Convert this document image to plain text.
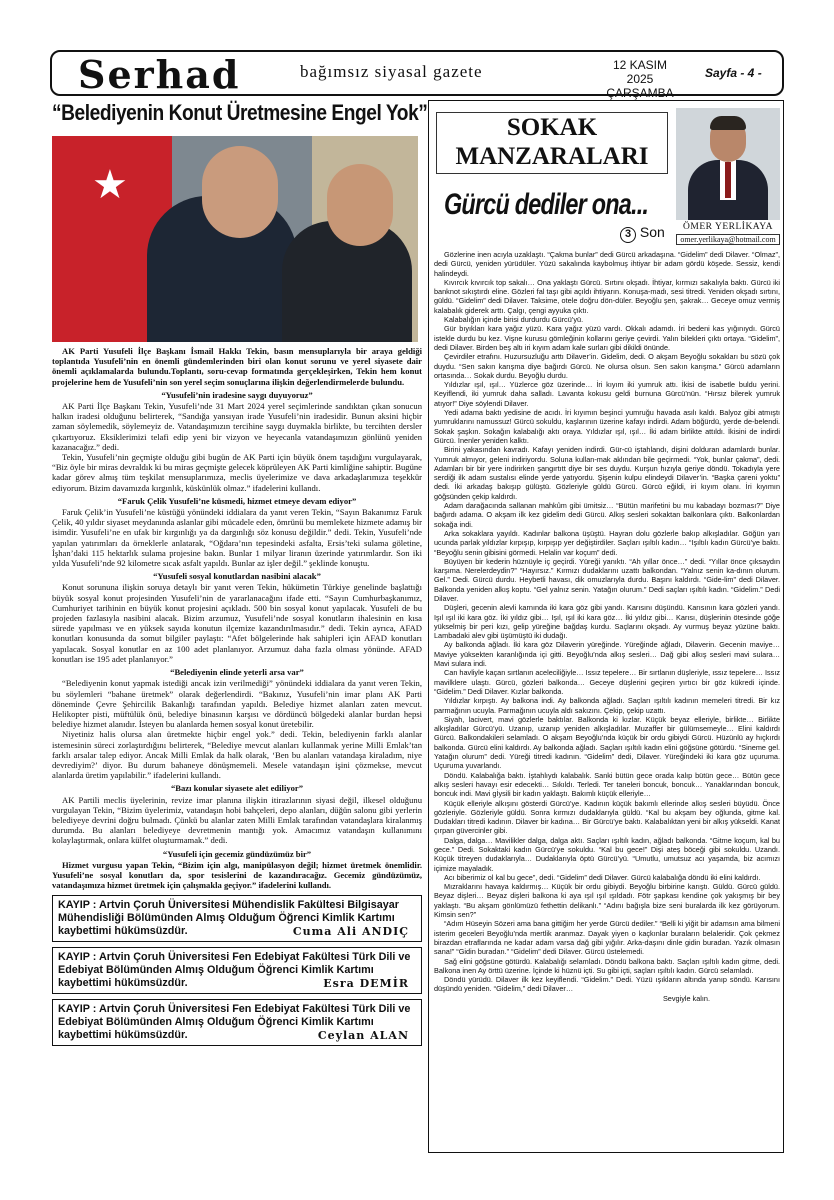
Serhad	bağımsız siyasal gazete	12 KASIM 2025
ÇARŞAMBA
Sayfa - 4 -
“Belediyenin Konut Üretmesine Engel Yok”
★

AK Parti Yusufeli İlçe Başkanı İsmail Hakkı Tekin, basın mensuplarıyla bir araya geldiği toplantıda Yusufeli’nin en önemli gündemlerinden biri olan konut sorunu ve yerel siyasete dair önemli açıklamalarda bulundu.Toplantı, soru-cevap formatında gerçekleşirken, Tekin hem konut projelerine hem de Yusufeli’nin son yerel seçim sonuçlarına ilişkin değerlendirmelerde bulundu.

“Yusufeli’nin iradesine saygı duyuyoruz”

AK Parti İlçe Başkanı Tekin, Yusufeli’nde 31 Mart 2024 yerel seçimlerinde sandıktan çıkan sonucun halkın iradesi olduğunu belirterek, “Sandığa yansıyan irade Yusufeli’nin iradesidir. Bunun aksini hiçbir zaman söylemedik, söylemeyiz de. Vatandaşımızın tercihine saygı duymakla birlikte, bu tercihten dersler çıkartıyoruz. Eksiklerimizi telafi edip yeni bir vizyon ve heyecanla vatandaşımızın gönlünü yeniden kazanacağız.” dedi.

Tekin, Yusufeli’nin geçmişte olduğu gibi bugün de AK Parti için büyük önem taşıdığını vurgulayarak, “Biz öyle bir miras devraldık ki bu miras geçmişte gelecek köprüleyen AK Parti kimliğine sahiptir. Bugüne kadar görev almış tüm teşkilat mensuplarımıza, meclis üyelerimize ve dava arkadaşlarımıza teşekkür ediyorum. Bizim davamızda kırgınlık, küskünlük olmaz.” ifadelerini kullandı.

“Faruk Çelik Yusufeli’ne küsmedi, hizmet etmeye devam ediyor”

Faruk Çelik’in Yusufeli’ne küstüğü yönündeki iddialara da yanıt veren Tekin, “Sayın Bakanımız Faruk Çelik, 40 yıldır siyaset meydanında aslanlar gibi mücadele eden, ömrünü bu memlekete hizmete adamış bir isimdir. Yusufeli’ne en ufak bir kırgınlığı ya da dargınlığı söz konusu değildir.” dedi. Tekin, Yusufeli’nde yapılan yatırımları da örneklerle anlatarak, “Oğdara’nın tepesindeki asfalta, Ersis’teki sulama göletine, İşhan’daki 115 hektarlık sulama projesine bakın. Bunlar 1 milyar liranın üzerinde yatırımlardır. Son iki yılda Yusufeli’nde 92 kilometre sıcak asfalt yapıldı. Bunlar az işler değil.” şeklinde konuştu.

“Yusufeli sosyal konutlardan nasibini alacak”

Konut sorununa ilişkin soruya detaylı bir yanıt veren Tekin, hükümetin Türkiye genelinde başlattığı büyük sosyal konut projesinden Yusufeli’nin de yararlanacağını ifade etti. “Sayın Cumhurbaşkanımız, Cumhuriyet tarihinin en büyük konut projesini açıkladı. 500 bin sosyal konut yapılacak. Yusufeli de bu projeden fazlasıyla nasibini alacak. Bizim arzumuz, Yusufeli’nde sosyal konutların ihalesinin en kısa sürede yapılması ve en yüksek sayıda konutun ilçemize kazandırılmasıdır.” dedi. Tekin ayrıca, AFAD konutları konusunda da somut bilgiler paylaştı: “Afet bölgelerinde hak sahipleri için AFAD konutları yapılacak. Sosyal konutlar en az 100 adet planlanıyor. Arzumuz daha fazla olması yönünde. AFAD konutları ise 195 adet planlanıyor.”

“Belediyenin elinde yeterli arsa var”

“Belediyenin konut yapmak istediği ancak izin verilmediği” yönündeki iddialara da yanıt veren Tekin, bu söylemleri “bahane üretmek” olarak değerlendirdi. “Bakınız, Yusufeli’nin imar planı AK Parti döneminde Çevre Şehircilik Bakanlığı tarafından yapıldı. Belediye hizmet alanları zaten mevcut. Helikopter pisti, müftülük önü, belediye binasının karşısı ve dördüncü bölgedeki alanlar burdan hepsi belediye hizmet alanıdır. İsteyen bu alanlarda hemen sosyal konut üretebilir.

Niyetiniz halis olursa alan üretmekte hiçbir engel yok.” dedi. Tekin, belediyenin farklı alanlar istemesinin süreci zorlaştırdığını belirterek, “Belediye mevcut alanları kullanmak yerine Milli Emlak’tan farklı arsalar talep ediyor. Ancak Milli Emlak da halk olarak, ‘Ben bu alanları vatandaşa kiraladım, niye devrediyim?’ diyor. Bu durum bahaneye dönüşmemeli. Mesele vatandaşın işini çözmekse, mevcut alanlarda üretim yapılabilir.” ifadelerini kullandı.

“Bazı konular siyasete alet ediliyor”

AK Partili meclis üyelerinin, revize imar planına ilişkin itirazlarının siyasi değil, ilkesel olduğunu vurgulayan Tekin, “Bizim üyelerimiz, vatandaşın hobi bahçeleri, depo alanları, düğün salonu gibi yerlerin belediyeye devrini doğru bulmadı. Çünkü bu alanlar zaten Milli Emlak tarafından vatandaşlara kiralanmış durumda. Bu alanları belediyeye devretmenin mantığı yok. Amacımız vatandaşın kullanımını kolaylaştırmak, onlara külfet oluşturmamak.” dedi.

“Yusufeli için gecemiz gündüzümüz bir”

Hizmet vurgusu yapan Tekin, “Bizim için algı, manipülasyon değil; hizmet üretmek önemlidir. Yusufeli’ne sosyal konutları da, spor tesislerini de kazandıracağız. Gecemiz gündüzümüz, vatandaşımıza hizmet üretmek için çalışmakla geçiyor.” ifadelerini kullandı.

KAYIP : Artvin Çoruh Üniversitesi Mühendislik Fakültesi Bilgisayar Mühendisliği Bölümünden Almış Olduğum Öğrenci Kimlik Kartımı kaybettimi hükümsüzdür.	Cuma Ali ANDIÇ
KAYIP : Artvin Çoruh Üniversitesi Fen Edebiyat Fakültesi Türk Dili ve Edebiyat Bölümünden Almış Olduğum Öğrenci Kimlik Kartımı kaybettimi hükümsüzdür.	Esra DEMİR
KAYIP : Artvin Çoruh Üniversitesi Fen Edebiyat Fakültesi Türk Dili ve Edebiyat Bölümünden Almış Olduğum Öğrenci Kimlik Kartımı kaybettimi hükümsüzdür.	Ceylan ALAN
SOKAK
MANZARALARI
Gürcü dediler ona...
3 Son	ÖMER YERLİKAYA
omer.yerlikaya@hotmail.com

Gözlerine inen acıyla uzaklaştı. “Çakma bunlar” dedi Gürcü arkadaşına. “Gidelim” dedi Dilaver. “Olmaz”, dedi Gürcü, yeniden yürüdüler. Yüzü sakalında kaybolmuş ihtiyar bir adam gördü köşede. Sessiz, kendi halindeydi.

Kıvırcık kıvırcık top sakalı… Ona yaklaştı Gürcü. Sırtını okşadı. İhtiyar, kırmızı sakalıyla baktı. Gürcü iki banknot sıkıştırdı eline. Gözleri fal taşı gibi açıldı ihtiyarın. Konuşa-madı, sesi titredi. Yeniden okşadı sırtını, güldü. “Gidelim” dedi Dilaver. Taksime, otele doğru dön-düler. Beyoğlu şen, şakrak… Geceye omuz vermiş kalabalık giderek arttı. Çalgı, çengi ayyuka çıktı.

Kalabalığın içinde birisi durdurdu Gürcü’yü.

Gür bıyıkları kara yağız yüzü. Kara yağız yüzü vardı. Okkalı adamdı. İri bedeni kas yığınıydı. Gürcü istekle durdu bu kez. Vişne kurusu gömleğinin kollarını geriye çevirdi. Yalın bilekleri çıktı ortaya. “Gidelim”, dedi Dilaver. Birden beş altı iri kıyım adam kale surları gibi dikildi önünde.

Çevirdiler etrafını. Huzursuzluğu arttı Dilaver’in. Gidelim, dedi. O akşam Beyoğlu sokakları bu sözü çok duydu. “Sen sakın karışma diye bağırdı Gürcü. Ne olursa olsun. Sen sakın karışma.” Gürcü adamların ortasında… Sokak durdu. Beyoğlu durdu.

Yıldızlar ışıl, ışıl… Yüzlerce göz üzerinde… İri kıyım iki yumruk attı. İkisi de isabetle buldu yerini. Keyiflendi, iki yumruk daha salladı. Lavanta kokusu geldi burnuna Gürcü’nün. “Hırsız bilerek yumruk atıyor!” Diye söylendi Dilaver.

Yedi adama baktı yedisine de acıdı. İri kıyımın beşinci yumruğu havada asılı kaldı. Balyoz gibi atmıştı yumruklarını namussuz! Gürcü sokuldu, kaşlarının üzerine kafayı indirdi. Adam böğürdü, yerde de-belendi. Sokak şaşkın. Sokağın kalabalığı aktı oraya. Yıldızlar ışıl, ışıl… İki adam birlikte attıldı. İkisini de indirdi Gürcü. İnenler yeniden kalktı.

Birini yakasından kavradı. Kafayı yeniden indirdi. Gür-cü iştahlandı, dişini dolduran adamlardı bunlar. Yumruk almıyor, geleni indiriyordu. Soluna kullan-mak aklından bile geçirmedi. “Yok, bunlar çakma”, dedi. Adamları bir bir yere indirirken şangırtıtt diye bir ses duydu. Kurşun hızıyla geriye döndü. Tokadıyla yere serdiği ilk adam sustalısı elinde yerde yatıyordu. Şişenin kulpu elindeydi Dilaver’in. “Başka çareni yoktu” dedi. İki arkadaş bakışıp gülüştü. Gözleriyle güldü Gürcü. Gürcü eğildi, iri kıyım olanı. İri kıyımın göğsünden çekip kaldırdı.

Adam darağacında sallanan mahkûm gibi ümitsiz… “Bütün marifetini bu mu kabadayı bozması?” Diye bağırdı adama. O akşam ilk kez gidelim dedi Gürcü. Alkış sesleri sokaktan balkonlara çıktı. Balkonlardan sokağa indi.

Arka sokaklara yayıldı. Kadınlar balkona üşüştü. Hayran dolu gözlerle bakıp alkışladılar. Göğün yarı ucunda parlak yıldızlar kırpışıp, kırpışıp yer değiştirdiler. Saçları ışıltılı kadın… “Işıltılı kadın Gürcü’ye baktı. “Beyoğlu senin gibisini görmedi. Helalin var koçum” dedi.

Büyüyen bir kederin hüznüyle iç geçirdi. Yüreği yanıktı. “Ah yıllar önce…” dedi. “Yıllar önce çıksaydın karşıma. Nerelerdeydin?” “Hayırsız.” Kırmızı dudaklarını uzattı balkondan. “Yalnız senin ka-dının olurum. Gel.” Dedi. Gürcü durdu. Heybetli havası, dik omuzlarıyla durdu. Başını kaldırdı. “Gide-lim” dedi Dilaver. Balkonda yeniden alkış koptu. “Gel yalnız senin. Yatağın olurum.” Dedi saçları ışıltılı kadın. “Gidelim.” Dedi Dilaver.

Düşleri, gecenin alevli karnında iki kara göz gibi yandı. Karısını düşündü. Karısının kara gözleri yandı. Işıl ışıl iki kara göz. İki yıldız gibi… Işıl, ışıl iki kara göz… İki yıldız gibi… Karısı, düşlerinin ötesinde göğe yükselmiş bir peri kızı, gelip yüreğine bağdaş kurdu. Saçlarını okşadı. Ay vurmuş beyaz yüzüne baktı. Lambadaki alev gibi üşümüştü iki dudağı.

Ay balkonda ağladı. İki kara göz Dilaverin yüreğinde. Yüreğinde ağladı, Dilaverin. Gecenin maviye… Maviye yüksekten karanlığında içi gitti. Beyoğlu’nda alkış sesleri… Dağ gibi alkış sesleri mavi sulara… Mavi sulara indi.

Can havliyle kaçan sırtlanın aceleciliğiyle… Issız tepelere… Bir sırtlanın düşleriyle, ıssız tepelere… Issız mavilklere ulaştı. Gürcü, gözleri balkonda… Geceye düşlerini geçiren yırtıcı bir göz kükredi içinde. “Gidelim.” Dedi Dilaver. Kızlar balkonda.

Yıldızlar kırpıştı. Ay balkona indi. Ay balkonda ağladı. Saçları ışıltılı kadının memeleri titredi. Bir kız parmağının ucuyla. Parmağının ucuyla aldı sakızını. Çekip, çekip uzattı.

Siyah, lacivert, mavi gözlerle baktılar. Balkonda ki kızlar. Küçük beyaz elleriyle, birlikte… Birlikte alkışladılar Gürcü’yü. Uzanıp, uzanıp yeniden alkışladılar. Muzaffer bir gülümsemeyle… Elini kaldırdı Gürcü. Balkondakileri selamladı. O akşam Beyoğlu’nda küçük bir ordu gibiydi Gürcü. Hüzünlü ay hıçkırdı balkonda. Gürcü elini kaldırdı. Ay balkonda ağladı. Saçları ışıltılı kadın elini göğsüne götürdü. “Sineme gel. Yatağın olurum” dedi. Yüreği titredi kadının. “Gidelim” dedi, Dilaver. Yüreğindeki iki kara göz uçuruma. Uçuruma yuvarlandı.

Döndü. Kalabalığa baktı. İştahlıydı kalabalık. Sanki bütün gece orada kalıp bütün gece… Bütün gece alkış sesleri havayı esir edecekti… Sıkıldı. Terledi. Ter taneleri boncuk, boncuk… Yanaklarından boncuk, boncuk indi. Mavi gİysili bir kadın yaklaştı. Bakımlı küçük elleriyle…

Küçük elleriyle alkışını gösterdi Gürcü’ye. Kadının küçük bakımlı ellerinde alkış sesleri büyüdü. Önce gözleriyle. Gözleriyle güldü. Sonra kırmızı dudaklarıyla güldü. “Kal bu akşam bey oğlunda, gitme kal. Dudakları titredi kadının. Dilaver bir kadına… Bir Gürcü’ye baktı. Kalabalıktan yeni bir alkış yükseldi. Kanat çırpan güvercinler gibi.

Dalga, dalga… Mavilikler dalga, dalga aktı. Saçları ışıltılı kadın, ağladı balkonda. “Gitme koçum, kal bu gece.” Dedi. Sokaktaki kadın Gürcü’ye sokuldu. “Kal bu gece!” Dişi ateş böceği gibi sokuldu. Uzandı. Küçük titreyen dudaklarıyla… Dudaklarıyla öptü Gürcü’yü. “Umutlu, umutsuz acı yaşamda, biz acımızı içimize mayaladık.

Acı biberimiz ol kal bu gece”, dedi. “Gidelim” dedi Dilaver. Gürcü kalabalığa döndü iki elini kaldırdı.

Mızraklarını havaya kaldırmış… Küçük bir ordu gibiydi. Beyoğlu birbirine karıştı. Güldü. Gürcü güldü. Beyaz dişleri… Beyaz dişleri balkona ki aya ışıl ışıl ışıldadı. Fötr şapkası kendine çok yakışmış bir bey yaklaştı. “Bu akşam gönlümüzü fethettin delikanlı.” “Adını bağışla bize seni buralarda ilk kez görüyorum. Kimsin sen?”

“Adım Hüseyin Sözeri ama bana gittiğim her yerde Gürcü dediler.” “Belli ki yiğit bir adamsın ama bilmeni isterim geceleri Beyoğlu’nda mertlik aranmaz. Dayak yiyen o kaçkınlar buraların belaleridir. Çok çekmez birazdan etraflarında ne kadar adam varsa dağ gibi yığılır. Arka-daşını dinle gidin buradan. Yazık olmasın sana!” “Gidin buradan.” “Gidelim” dedi Dilaver. Gürcü üstelemedi.

Sağ elini göğsüne götürdü. Kalabalığı selamladı. Döndü balkona baktı. Saçları ışıltılı kadın gitme, dedi. Balkona inen Ay örttü üzerine. İçinde ki hüznü içti. Su gibi içti, saçları ışıltılı kadın. Gürcü selamladı.

Döndü yürüdü. Dilaver ilk kez keyiflendi. “Gidelim.” Dedi. Yüzü ışıkların altında yanıp söndü. Karısını düşündü yeniden. “Gidelim,” dedi Dilaver…

Sevgiyle kalın.
